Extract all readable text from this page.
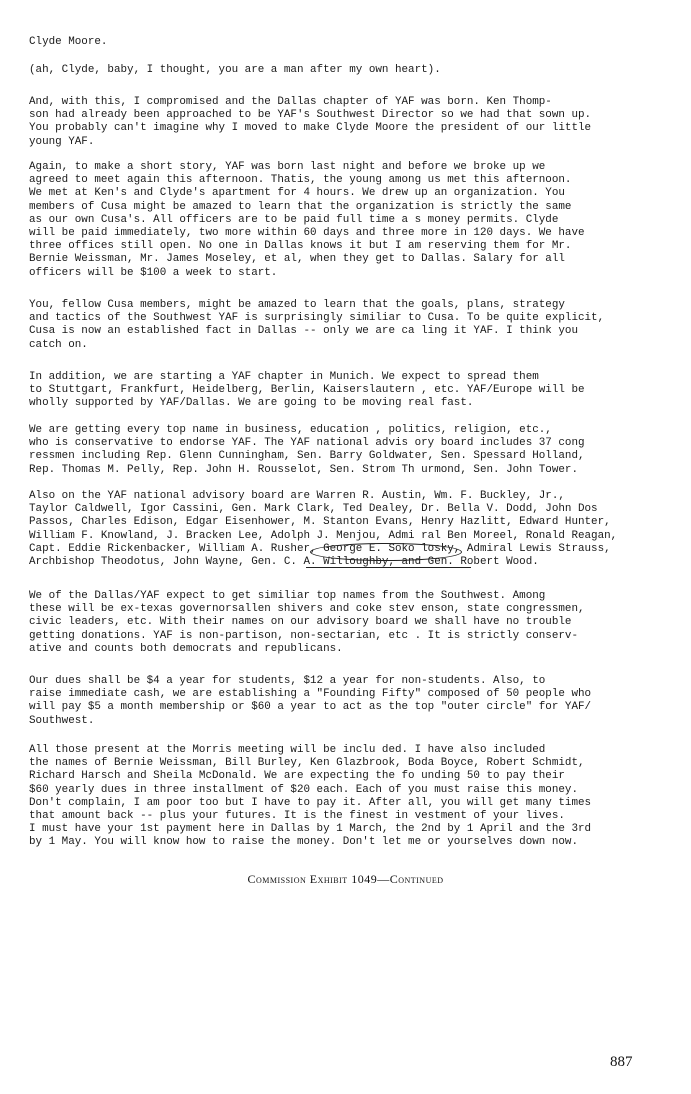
Clyde Moore.
(ah, Clyde, baby, I thought, you are a man after my own heart).
And, with this, I compromised and the Dallas chapter of YAF was born. Ken Thomp-
son had already been approached to be YAF's Southwest Director so we had that sown up.
You probably can't imagine why I moved to make Clyde Moore the president of our little
young YAF.
Again, to make a short story, YAF was born last night and before we broke up we
agreed to meet again this afternoon. Thatis, the young among us met this afternoon.
We met at Ken's and Clyde's apartment for 4 hours. We drew up an organization. You
members of Cusa might be amazed to learn that the organization is strictly the same
as our own Cusa's. All officers are to be paid full time a s money permits. Clyde
will be paid immediately, two more within 60 days and three more in 120 days. We have
three offices still open. No one in Dallas knows it but I am reserving them for Mr.
Bernie Weissman, Mr. James Moseley, et al, when they get to Dallas. Salary for all
officers will be $100 a week to start.
You, fellow Cusa members, might be amazed to learn that the goals, plans, strategy
and tactics of the Southwest YAF is surprisingly similiar to Cusa. To be quite explicit,
Cusa is now an established fact in Dallas -- only we are ca ling it YAF. I think you
catch on.
In addition, we are starting a YAF chapter in Munich. We expect to spread them
to Stuttgart, Frankfurt, Heidelberg, Berlin, Kaiserslautern , etc. YAF/Europe will be
wholly supported by YAF/Dallas. We are going to be moving real fast.
We are getting every top name in business, education , politics, religion, etc.,
who is conservative to endorse YAF. The YAF national advis ory board includes 37 cong
ressmen including Rep. Glenn Cunningham, Sen. Barry Goldwater, Sen. Spessard Holland,
Rep. Thomas M. Pelly, Rep. John H. Rousselot, Sen. Strom Th urmond, Sen. John Tower.
Also on the YAF national advisory board are Warren R. Austin, Wm. F. Buckley, Jr.,
Taylor Caldwell, Igor Cassini, Gen. Mark Clark, Ted Dealey, Dr. Bella V. Dodd, John Dos
Passos, Charles Edison, Edgar Eisenhower, M. Stanton Evans, Henry Hazlitt, Edward Hunter,
William F. Knowland, J. Bracken Lee, Adolph J. Menjou, Admi ral Ben Moreel, Ronald Reagan,
Capt. Eddie Rickenbacker, William A. Rusher, George E. Soko losky, Admiral Lewis Strauss,
Archbishop Theodotus, John Wayne, Gen. C. A. Willoughby, and Gen. Robert Wood.
We of the Dallas/YAF expect to get similiar top names from the Southwest. Among
these will be ex-texas governorsallen shivers and coke stev enson, state congressmen,
civic leaders, etc. With their names on our advisory board we shall have no trouble
getting donations. YAF is non-partison, non-sectarian, etc . It is strictly conserv-
ative and counts both democrats and republicans.
Our dues shall be $4 a year for students, $12 a year for non-students. Also, to
raise immediate cash, we are establishing a "Founding Fifty" composed of 50 people who
will pay $5 a month membership or $60 a year to act as the top "outer circle" for YAF/
Southwest.
All those present at the Morris meeting will be inclu ded. I have also included
the names of Bernie Weissman, Bill Burley, Ken Glazbrook, Boda Boyce, Robert Schmidt,
Richard Harsch and Sheila McDonald. We are expecting the fo unding 50 to pay their
$60 yearly dues in three installment of $20 each. Each of you must raise this money.
Don't complain, I am poor too but I have to pay it. After all, you will get many times
that amount back -- plus your futures. It is the finest in vestment of your lives.
I must have your 1st payment here in Dallas by 1 March, the 2nd by 1 April and the 3rd
by 1 May. You will know how to raise the money. Don't let me or yourselves down now.
Commission Exhibit 1049—Continued
887
